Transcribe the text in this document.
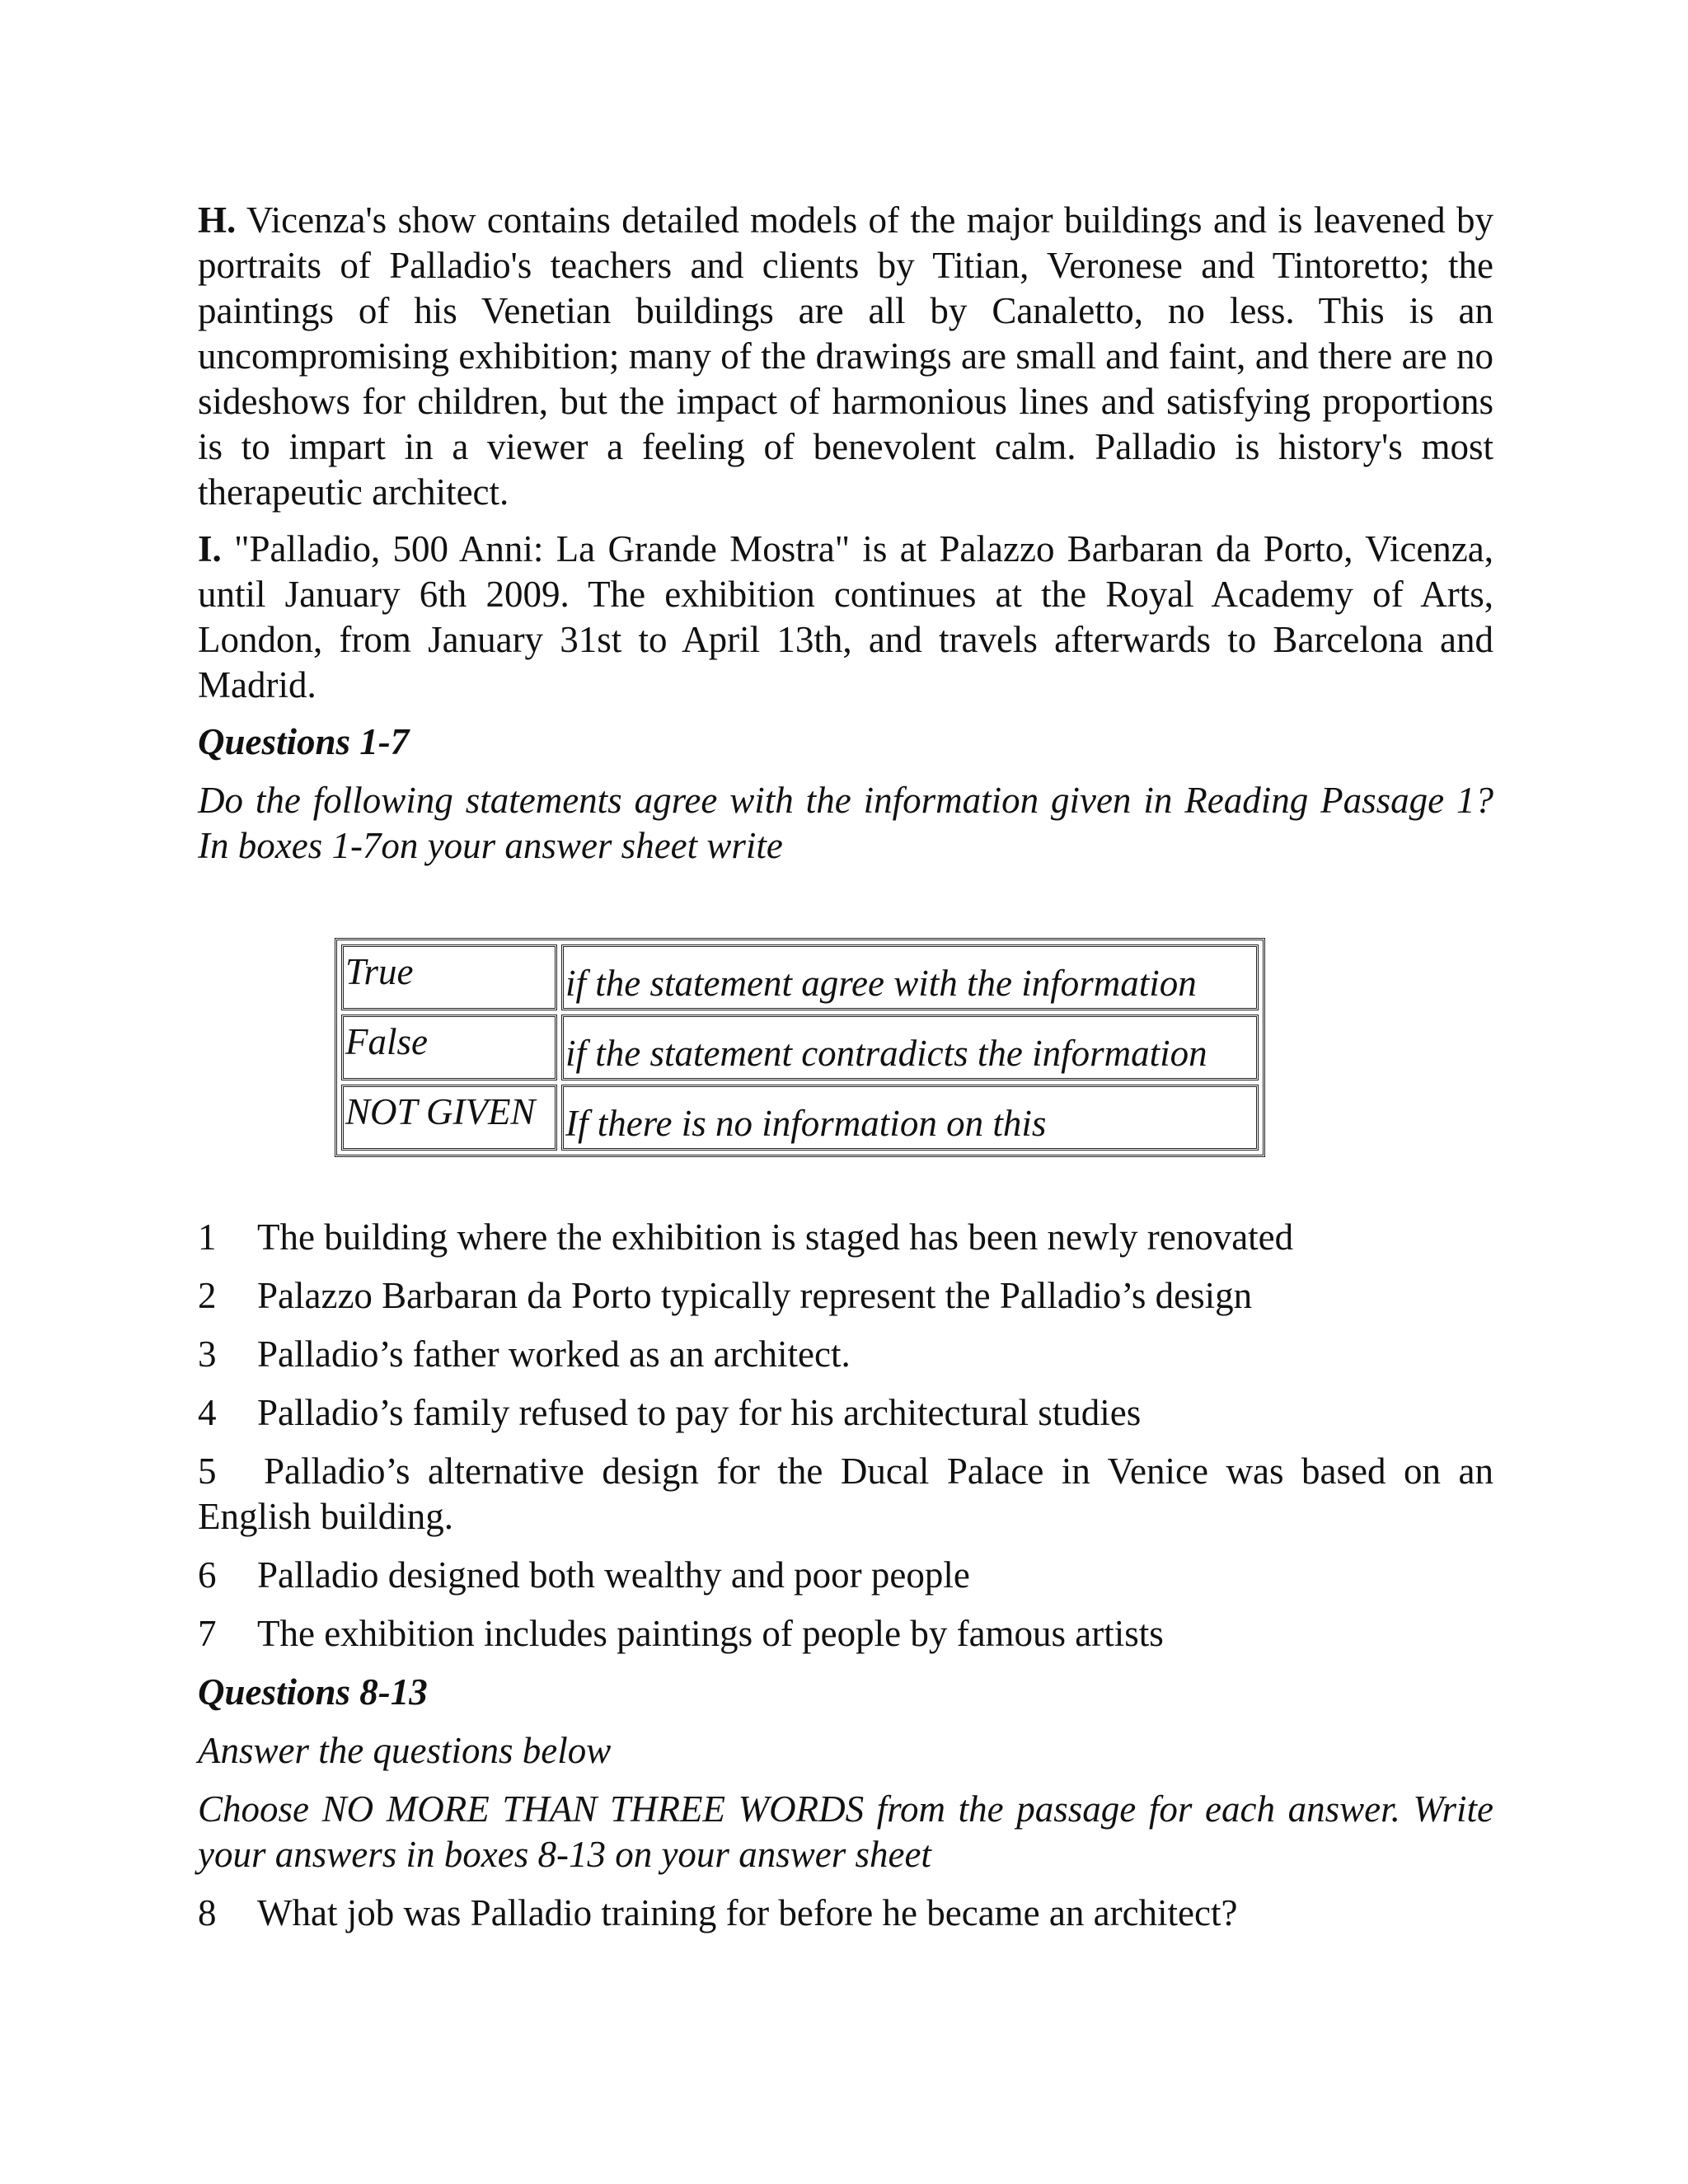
H. Vicenza's show contains detailed models of the major buildings and is leavened by portraits of Palladio's teachers and clients by Titian, Veronese and Tintoretto; the paintings of his Venetian buildings are all by Canaletto, no less. This is an uncompromising exhibition; many of the drawings are small and faint, and there are no sideshows for children, but the impact of harmonious lines and satisfying proportions is to impart in a viewer a feeling of benevolent calm. Palladio is history's most therapeutic architect.

I. "Palladio, 500 Anni: La Grande Mostra" is at Palazzo Barbaran da Porto, Vicenza, until January 6th 2009. The exhibition continues at the Royal Academy of Arts, London, from January 31st to April 13th, and travels afterwards to Barcelona and Madrid.

Questions 1-7

Do the following statements agree with the information given in Reading Passage 1? In boxes 1-7on your answer sheet write

True	if the statement agree with the information
False	if the statement contradicts the information
NOT GIVEN	If there is no information on this

1 The building where the exhibition is staged has been newly renovated

2 Palazzo Barbaran da Porto typically represent the Palladio’s design

3 Palladio’s father worked as an architect.

4 Palladio’s family refused to pay for his architectural studies

5 Palladio’s alternative design for the Ducal Palace in Venice was based on an English building.

6 Palladio designed both wealthy and poor people

7 The exhibition includes paintings of people by famous artists

Questions 8-13

Answer the questions below

Choose NO MORE THAN THREE WORDS from the passage for each answer. Write your answers in boxes 8-13 on your answer sheet

8 What job was Palladio training for before he became an architect?
